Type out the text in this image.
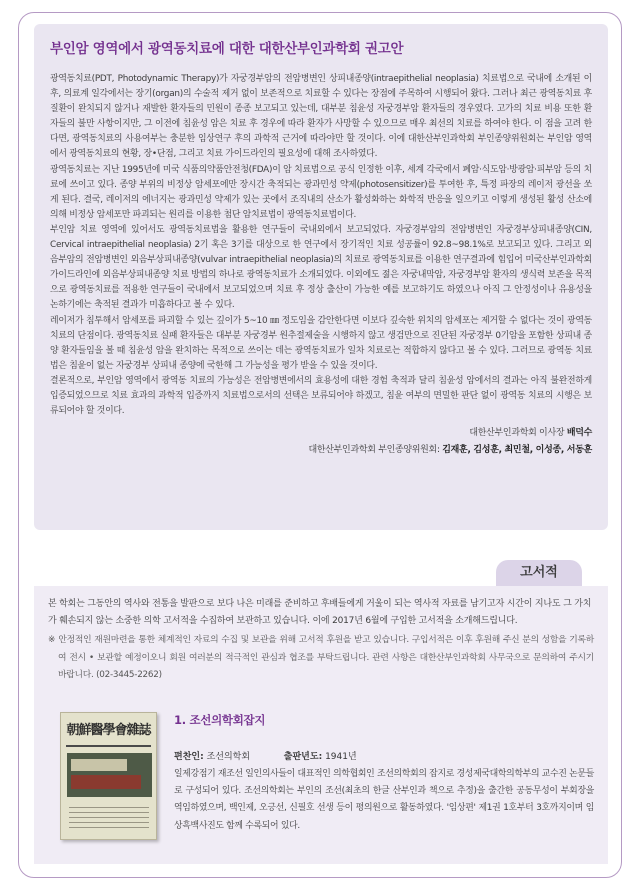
부인암 영역에서 광역동치료에 대한 대한산부인과학회 권고안

광역동치료(PDT, Photodynamic Therapy)가 자궁경부암의 전암병변인 상피내종양(intraepithelial neoplasia) 치료법으로 국내에 소개된 이후, 의료계 일각에서는 장기(organ)의 수술적 제거 없이 보존적으로 치료할 수 있다는 장점에 주목하여 시행되어 왔다. 그러나 최근 광역동치료 후 질환이 완치되지 않거나 재발한 환자들의 민원이 종종 보고되고 있는데, 대부분 침윤성 자궁경부암 환자들의 경우였다. 고가의 치료 비용 또한 환자들의 불만 사항이지만, 그 이전에 침윤성 암은 치료 후 경우에 따라 환자가 사망할 수 있으므로 매우 최선의 치료를 하여야 한다. 이 점을 고려 한다면, 광역동치료의 사용여부는 충분한 임상연구 후의 과학적 근거에 따라야만 할 것이다. 이에 대한산부인과학회 부인종양위원회는 부인암 영역에서 광역동치료의 현황, 장•단점, 그리고 치료 가이드라인의 필요성에 대해 조사하였다.

광역동치료는 지난 1995년에 미국 식품의약품안전청(FDA)이 암 치료법으로 공식 인정한 이후, 세계 각국에서 폐암·식도암·방광암·피부암 등의 치료에 쓰이고 있다. 종양 부위의 비정상 암세포에만 장시간 축적되는 광과민성 약제(photosensitizer)를 투여한 후, 특정 파장의 레이저 광선을 쏘게 된다. 결국, 레이저의 에너지는 광과민성 약제가 있는 곳에서 조직내의 산소가 활성화하는 화학적 반응을 일으키고 이렇게 생성된 활성 산소에 의해 비정상 암세포만 파괴되는 원리를 이용한 첨단 암치료법이 광역동치료법이다.

부인암 치료 영역에 있어서도 광역동치료법을 활용한 연구들이 국내외에서 보고되었다. 자궁경부암의 전암병변인 자궁경부상피내종양(CIN, Cervical intraepithelial neoplasia) 2기 혹은 3기를 대상으로 한 연구에서 장기적인 치료 성공률이 92.8~98.1%로 보고되고 있다. 그리고 외음부암의 전암병변인 외음부상피내종양(vulvar intraepithelial neoplasia)의 치료로 광역동치료를 이용한 연구결과에 힘입어 미국산부인과학회 가이드라인에 외음부상피내종양 치료 방법의 하나로 광역동치료가 소개되었다. 이외에도 젊은 자궁내막암, 자궁경부암 환자의 생식력 보존을 목적으로 광역동치료를 적용한 연구들이 국내에서 보고되었으며 치료 후 정상 출산이 가능한 예를 보고하기도 하였으나 아직 그 안정성이나 유용성을 논하기에는 축적된 결과가 미흡하다고 볼 수 있다.

레이저가 침투해서 암세포를 파괴할 수 있는 깊이가 5~10 ㎜ 정도임을 감안한다면 이보다 깊숙한 위치의 암세포는 제거할 수 없다는 것이 광역동치료의 단점이다. 광역동치료 실패 환자들은 대부분 자궁경부 원추절제술을 시행하지 않고 생검만으로 진단된 자궁경부 0기암을 포함한 상피내 종양 환자들임을 볼 때 침윤성 암을 완치하는 목적으로 쓰이는 데는 광역동치료가 일차 치료로는 적합하지 않다고 볼 수 있다. 그러므로 광역동 치료법은 침윤이 없는 자궁경부 상피내 종양에 국한해 그 가능성을 평가 받을 수 있을 것이다.

결론적으로, 부인암 영역에서 광역동 치료의 가능성은 전암병변에서의 효용성에 대한 경험 축적과 달리 침윤성 암에서의 결과는 아직 불완전하게 입증되었으므로 치료 효과의 과학적 입증까지 치료법으로서의 선택은 보류되어야 하겠고, 침윤 여부의 면밀한 판단 없이 광역동 치료의 시행은 보류되어야 할 것이다.

대한산부인과학회 이사장 배덕수
대한산부인과학회 부인종양위원회: 김재훈, 김성훈, 최민철, 이성종, 서동훈
고서적

본 학회는 그동안의 역사와 전통을 발판으로 보다 나은 미래를 준비하고 후배들에게 거울이 되는 역사적 자료를 남기고자 시간이 지나도 그 가치가 훼손되지 않는 소중한 의학 고서적을 수집하여 보관하고 있습니다. 이에 2017년 6월에 구입한 고서적을 소개해드립니다.

※ 안정적인 재원마련을 통한 체계적인 자료의 수집 및 보관을 위해 고서적 후원을 받고 있습니다. 구입서적은 이후 후원해 주신 분의 성함을 기록하여 전시 • 보관할 예정이오니 회원 여러분의 적극적인 관심과 협조를 부탁드립니다. 관련 사항은 대한산부인과학회 사무국으로 문의하여 주시기 바랍니다. (02-3445-2262)

朝鮮醫學會雜誌
1. 조선의학회잡지

편찬인: 조선의학회	출판년도: 1941년

일제강점기 재조선 일인의사들이 대표적인 의학협회인 조선의학회의 잡지로 경성제국대학의학부의 교수진 논문들로 구성되어 있다. 조선의학회는 부인의 조선(최초의 한글 산부인과 책으로 추정)을 출간한 공동무성이 부회장을 역임하였으며, 백인제, 오긍선, 신필호 선생 등이 평의원으로 활동하였다. '임상편' 제1권 1호부터 3호까지이며 임상흑백사진도 함께 수록되어 있다.
